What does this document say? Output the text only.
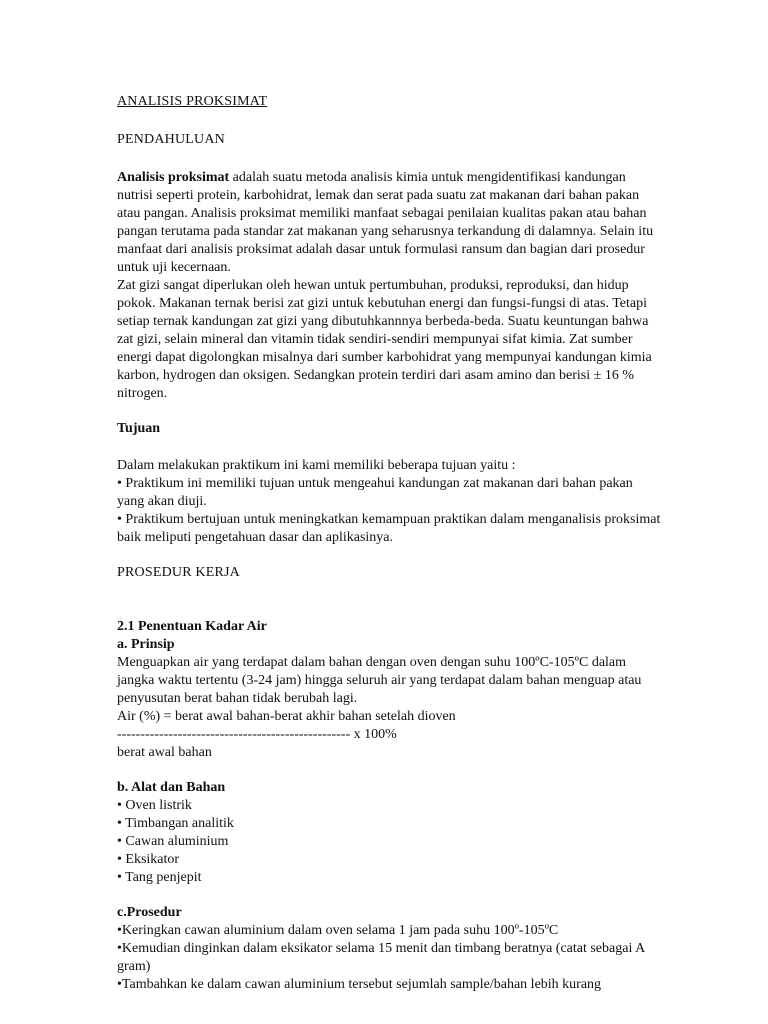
ANALISIS PROKSIMAT

PENDAHULUAN

Analisis proksimat adalah suatu metoda analisis kimia untuk mengidentifikasi kandungan nutrisi seperti protein, karbohidrat, lemak dan serat pada suatu zat makanan dari bahan pakan atau pangan. Analisis proksimat memiliki manfaat sebagai penilaian kualitas pakan atau bahan pangan terutama pada standar zat makanan yang seharusnya terkandung di dalamnya. Selain itu manfaat dari analisis proksimat adalah dasar untuk formulasi ransum dan bagian dari prosedur untuk uji kecernaan.

Zat gizi sangat diperlukan oleh hewan untuk pertumbuhan, produksi, reproduksi, dan hidup pokok. Makanan ternak berisi zat gizi untuk kebutuhan energi dan fungsi-fungsi di atas. Tetapi setiap ternak kandungan zat gizi yang dibutuhkannnya berbeda-beda. Suatu keuntungan bahwa zat gizi, selain mineral dan vitamin tidak sendiri-sendiri mempunyai sifat kimia. Zat sumber energi dapat digolongkan misalnya dari sumber karbohidrat yang mempunyai kandungan kimia karbon, hydrogen dan oksigen. Sedangkan protein terdiri dari asam amino dan berisi ± 16 % nitrogen.

Tujuan

Dalam melakukan praktikum ini kami memiliki beberapa tujuan yaitu :

• Praktikum ini memiliki tujuan untuk mengeahui kandungan zat makanan dari bahan pakan yang akan diuji.

• Praktikum bertujuan untuk meningkatkan kemampuan praktikan dalam menganalisis proksimat baik meliputi pengetahuan dasar dan aplikasinya.

PROSEDUR KERJA

2.1 Penentuan Kadar Air

a. Prinsip

Menguapkan air yang terdapat dalam bahan dengan oven dengan suhu 100ºC-105ºC dalam jangka waktu tertentu (3-24 jam) hingga seluruh air yang terdapat dalam bahan menguap atau penyusutan berat bahan tidak berubah lagi.

Air (%) = berat awal bahan-berat akhir bahan setelah dioven

-------------------------------------------------- x 100%

berat awal bahan

b. Alat dan Bahan

• Oven listrik

• Timbangan analitik

• Cawan aluminium

• Eksikator

• Tang penjepit

c.Prosedur

•Keringkan cawan aluminium dalam oven selama 1 jam pada suhu 100º-105ºC

•Kemudian dinginkan dalam eksikator selama 15 menit dan timbang beratnya (catat sebagai A gram)

•Tambahkan ke dalam cawan aluminium tersebut sejumlah sample/bahan lebih kurang
